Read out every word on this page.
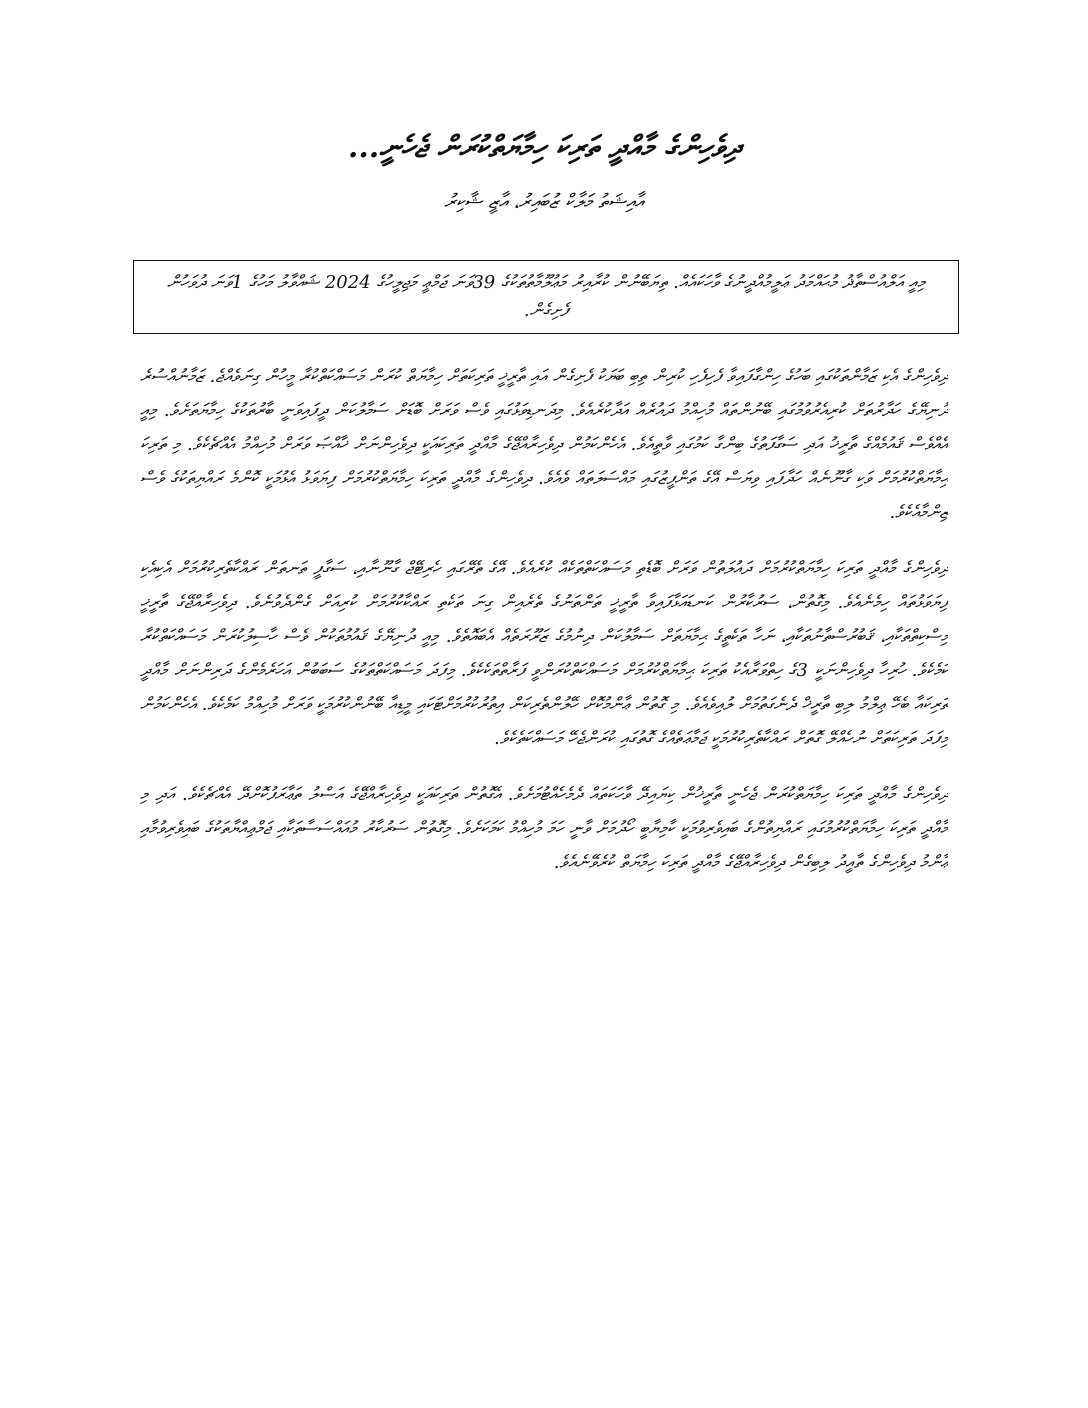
ދިވެހިންގެ މާއްދީ ތަރިކަ ހިމާޔަތްކުރަން ޖެހެނީ...
އާއިޝަތު މަލާކް ޒުބައިރު، އާޒީ ޝާކިރު
މިއީ އަލްއުސްތާޛު މުޙައްމަދު ޢަލީމުއްދީނުގެ ވާހަކައެއް. ތިޔަބޭނުން ކުރާއިރު މަޢުލޫމާތުތަކުގެ 39ވަނަ ޖަމްޢީ މަޖިލީހުގެ 2024 ޝައްވާލު މަހުގެ 1ވަނަ ދުވަހުން ފެށިގެން.

ދިވެހިންގެ އެކި ޒަމާންތަކުގައި ބަހުގެ ހިންގާފައިވާ ފެހިފެހި ކުރިން ތިބި ބަޔަކު ފެށިގެން އައި ތާރީޚީ ތަރިކަތަށް ހިމާޔަތް ކުރަން މަސައްކަތްކުރާ މީހުން ގިނަވެއްޖެ. ޒަމާނުއްސުރެ ދުނިޔޭގެ ހަދާރުތަށް ކުރިއެރުވުމުގައި ބޭނުންތައް މުހިއްމު ދައުރެއް އަދާކުރެއެވެ. މިދަނޑިވަޅުގައި ވެސް ވަރަށް ބޮޑަށް ސަމާލުކަން ދީފައިވަނީ ބާރުތަކުގެ ހިމާޔަތަށެވެ. މިއީ އެއްވެސް ޤައުމެއްގެ ތާރީޚު އަދި ސަގާފަތުގެ ބިންގާ ކަމުގައި ވާތީއެވެ. އެހެންކަމުން ދިވެހިރާއްޖޭގެ މާއްދީ ތަރިކައަކީ ދިވެހިންނަށް ޚާއްޞަ ވަރަށް މުހިއްމު އެއްޗެކެވެ. މި ތަރިކަ ޙިމާޔަތްކުރުމަށް ވަކި ގާނޫނެއް ހަދާފައި ވިޔަސް އޭގެ ތަންފީޒުގައި މައްސަލަތައް ވެއެވެ. ދިވެހިންގެ މާއްދީ ތަރިކަ ހިމާޔަތްކުރުމަށް ފިޔަވަޅު އެޅުމަކީ ކޮންމެ ރައްޔިތަކުގެ ވެސް ޒިންމާއެކެވެ.

ދިވެހިންގެ މާއްދީ ތަރިކަ ހިމާޔަތްކުރުމަށް ދައުލަތުން ވަރަށް ބޮޑެތި މަސައްކަތްތަކެއް ކުރެއެވެ. އޭގެ ތެރޭގައި ހެރިޓޭޖް ގާނޫނާއި، ސަގާފީ ތަނތަން ރައްކާތެރިކުރުމަށް އެކިއެކި ފިޔަވަޅުތައް ހިމެނެއެވެ. މިގޮތުން، ސަރުކާރުން ކަނޑައަޅާފައިވާ ތާރީޚީ ތަންތަނުގެ ތެރެއިން ގިނަ ތަކެތި ރައްކާކުރުމަށް ކުރިއަށް ގެންދެވުނެވެ. ދިވެހިރާއްޖޭގެ ތާރީޚީ މިސްކިތްތަކާއި، ޤަބުރުސްތާނުތަކާއި، ނަހާ ތަކެތީގެ ޙިމާޔަތަށް ސަމާލުކަން ދިނުމުގެ ޒަރޫރަތެއް އެބައޮތެވެ. މިއީ ދުނިޔޭގެ ޤައުމުތަކުން ވެސް ހާސިލުކުރަން މަސައްކަތްކުރާ ކަމެކެވެ. ހުރިހާ ދިވެހިންނަކީ 3ގެ ހިތްވަރާއެކު ތަރިކަ ޙިމާޔަތްކުރުމަށް މަސައްކަތްކުރަންވީ ފަރާތްތަކެކެވެ. މިފަދަ މަސައްކަތްތަކުގެ ސަބަބުން އަހަރެމެންގެ ދަރިންނަށް މާއްދީ ތަރިކައާ ބެހޭ ޢިލްމު ލިބި ތާރީޚް ދެނެގަތުމަށް ލުއިވެއެވެ. މި ގޮތުން ޢާންމުކޮށް ހޭލުންތެރިކަން އިތުރުކުރުމަށްޓަކައި މީޑިއާ ބޭނުންކުރުމަކީ ވަރަށް މުހިއްމު ކަމެކެވެ. އެހެންކަމުން މިފަދަ ތަރިކަތަށް ނުހެއްލޭ ގޮތަށް ރައްކާތެރިކުރުމަކީ ޖަމާޢަތެއްގެ ގޮތުގައި ކުރަންޖެހޭ މަސައްކަތެކެވެ.

ދިވެހިންގެ މާއްދީ ތަރިކަ ހިމާޔަތްކުރަން ޖެހެނީ ތާރީޚުން ކިޔައިދޭ ވާހަކަތައް ދެމެހެއްޓުމަށެވެ. އެގޮތުން ތަރިކައަކީ ދިވެހިރާއްޖޭގެ އަސްލު ތަޢާރަފުކޮށްދޭ އެއްޗެކެވެ. އަދި މި މާއްދީ ތަރިކަ ހިމާޔަތްކުރުމުގައި ރައްޔިތުންގެ ބައިވެރިވުމަކީ ކާމިޔާބީ ހޯދުމަށް ވާނީ ހަމަ މުހިއްމު ކަމަކަށެވެ. މިގޮތުން ސަރުކާރު މުއައްސަސާތަކާއި ޖަމްޢިއްޔާތަކުގެ ބައިވެރިވުމާއި ޢާންމު ދިވެހިންގެ ތާއީދު ލިބިގެން ދިވެހިރާއްޖޭގެ މާއްދީ ތަރިކަ ހިމާޔަތް ކުރެވޭނެއެވެ.
